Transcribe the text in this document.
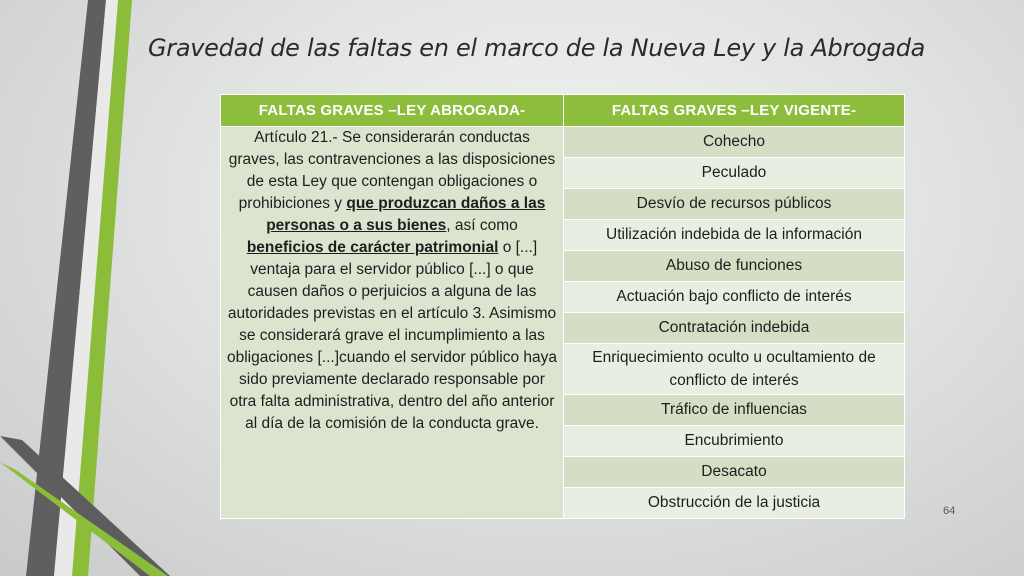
Gravedad de las faltas en el marco de la Nueva Ley y la Abrogada
FALTAS GRAVES –LEY ABROGADA-	FALTAS GRAVES –LEY VIGENTE-
Artículo 21.- Se considerarán conductas graves, las contravenciones a las disposiciones de esta Ley que contengan obligaciones o prohibiciones y que produzcan daños a las personas o a sus bienes, así como beneficios de carácter patrimonial o [...] ventaja para el servidor público [...] o que causen daños o perjuicios a alguna de las autoridades previstas en el artículo 3. Asimismo se considerará grave el incumplimiento a las obligaciones [...]cuando el servidor público haya sido previamente declarado responsable por otra falta administrativa, dentro del año anterior al día de la comisión de la conducta grave.	Cohecho
	Peculado
	Desvío de recursos públicos
	Utilización indebida de la información
	Abuso de funciones
	Actuación bajo conflicto de interés
	Contratación indebida
	Enriquecimiento oculto u ocultamiento de conflicto de interés
	Tráfico de influencias
	Encubrimiento
	Desacato
	Obstrucción de la justicia	64
